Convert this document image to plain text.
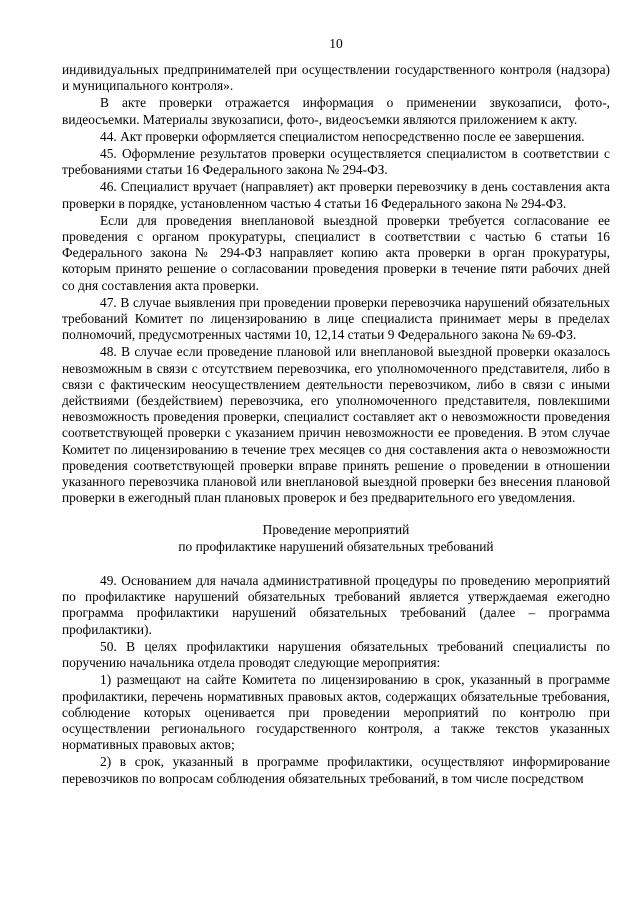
10

индивидуальных предпринимателей при осуществлении государственного контроля (надзора) и муниципального контроля».

В акте проверки отражается информация о применении звукозаписи, фото-, видеосъемки. Материалы звукозаписи, фото-, видеосъемки являются приложением к акту.

44. Акт проверки оформляется специалистом непосредственно после ее завершения.

45. Оформление результатов проверки осуществляется специалистом в соответствии с требованиями статьи 16 Федерального закона № 294-ФЗ.

46. Специалист вручает (направляет) акт проверки перевозчику в день составления акта проверки в порядке, установленном частью 4 статьи 16 Федерального закона № 294-ФЗ.

Если для проведения внеплановой выездной проверки требуется согласование ее проведения с органом прокуратуры, специалист в соответствии с частью 6 статьи 16 Федерального закона № 294-ФЗ направляет копию акта проверки в орган прокуратуры, которым принято решение о согласовании проведения проверки в течение пяти рабочих дней со дня составления акта проверки.

47. В случае выявления при проведении проверки перевозчика нарушений обязательных требований Комитет по лицензированию в лице специалиста принимает меры в пределах полномочий, предусмотренных частями 10, 12,14 статьи 9 Федерального закона № 69-ФЗ.

48. В случае если проведение плановой или внеплановой выездной проверки оказалось невозможным в связи с отсутствием перевозчика, его уполномоченного представителя, либо в связи с фактическим неосуществлением деятельности перевозчиком, либо в связи с иными действиями (бездействием) перевозчика, его уполномоченного представителя, повлекшими невозможность проведения проверки, специалист составляет акт о невозможности проведения соответствующей проверки с указанием причин невозможности ее проведения. В этом случае Комитет по лицензированию в течение трех месяцев со дня составления акта о невозможности проведения соответствующей проверки вправе принять решение о проведении в отношении указанного перевозчика плановой или внеплановой выездной проверки без внесения плановой проверки в ежегодный план плановых проверок и без предварительного его уведомления.

Проведение мероприятий
по профилактике нарушений обязательных требований

49. Основанием для начала административной процедуры по проведению мероприятий по профилактике нарушений обязательных требований является утверждаемая ежегодно программа профилактики нарушений обязательных требований (далее – программа профилактики).

50. В целях профилактики нарушения обязательных требований специалисты по поручению начальника отдела проводят следующие мероприятия:

1) размещают на сайте Комитета по лицензированию в срок, указанный в программе профилактики, перечень нормативных правовых актов, содержащих обязательные требования, соблюдение которых оценивается при проведении мероприятий по контролю при осуществлении регионального государственного контроля, а также текстов указанных нормативных правовых актов;

2) в срок, указанный в программе профилактики, осуществляют информирование перевозчиков по вопросам соблюдения обязательных требований, в том числе посредством
